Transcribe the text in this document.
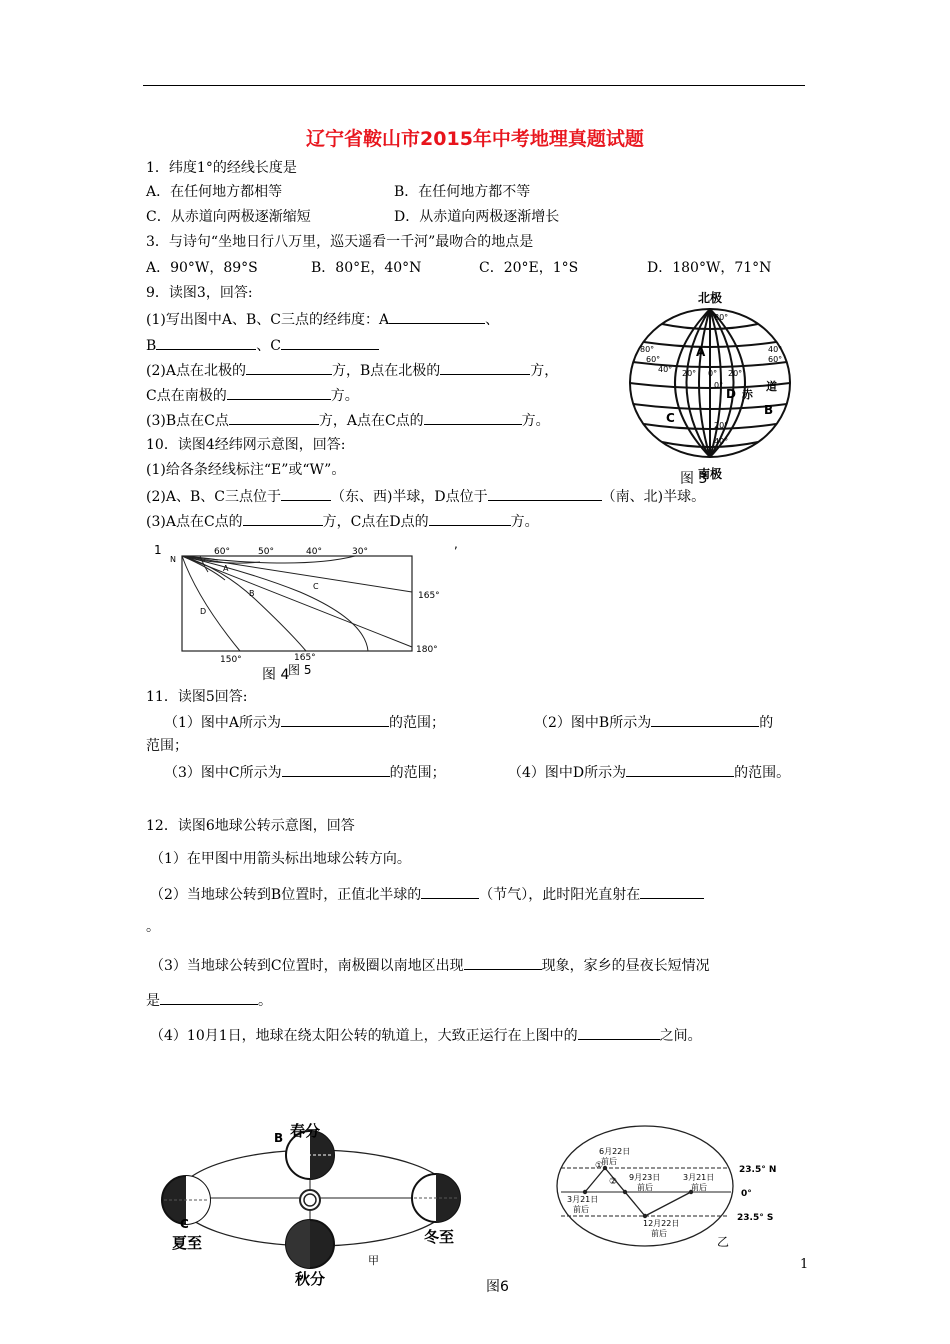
辽宁省鞍山市2015年中考地理真题试题
1．纬度1°的经线长度是
A．在任何地方都相等	B．在任何地方都不等
C．从赤道向两极逐渐缩短	D．从赤道向两极逐渐增长
3．与诗句“坐地日行八万里，巡天遥看一千河”最吻合的地点是
A．90°W，89°S	B．80°E，40°N	C．20°E，1°S	D．180°W，71°N
9．读图3，回答:
(1)写出图中A、B、C三点的经纬度：A	、
B	、C
(2)A点在北极的	方，B点在北极的	方，
C点在南极的	方。
(3)B点在C点	方，A点在C点的	方。
北极
南极
80°
60°
40°
40°
60°
80°
20° 0° 20°
0°
20°
40°
D 赤
道
A
C
B
图 3
10．读图4经纬网示意图，回答:
(1)给各条经线标注“E”或“W”。
(2)A、B、C三点位于	（东、西)半球，D点位于	（南、北)半球。
(3)A点在C点的	方，C点在D点的	方。
1	,
N
60°	50°	40°	30°
165°
180°
150°	165°
A
B
C
D
图 4
图 5
11．读图5回答:
（1）图中A所示为	的范围；	（2）图中B所示为	的
范围；
（3）图中C所示为	的范围；	（4）图中D所示为	的范围。
12．读图6地球公转示意图，回答
（1）在甲图中用箭头标出地球公转方向。
（2）当地球公转到B位置时，正值北半球的	（节气），此时阳光直射在
。
（3）当地球公转到C位置时，南极圈以南地区出现	现象，家乡的昼夜长短情况
是	。
（4）10月1日，地球在绕太阳公转的轨道上，大致正运行在上图中的	之间。
春分
夏至
秋分
冬至
B
C
甲
6月22日
前后
①
② 9月23日
前后
3月21日
前后
3月21日
前后
12月22日
前后
23.5° N
0°
23.5° S
乙
图6
1
